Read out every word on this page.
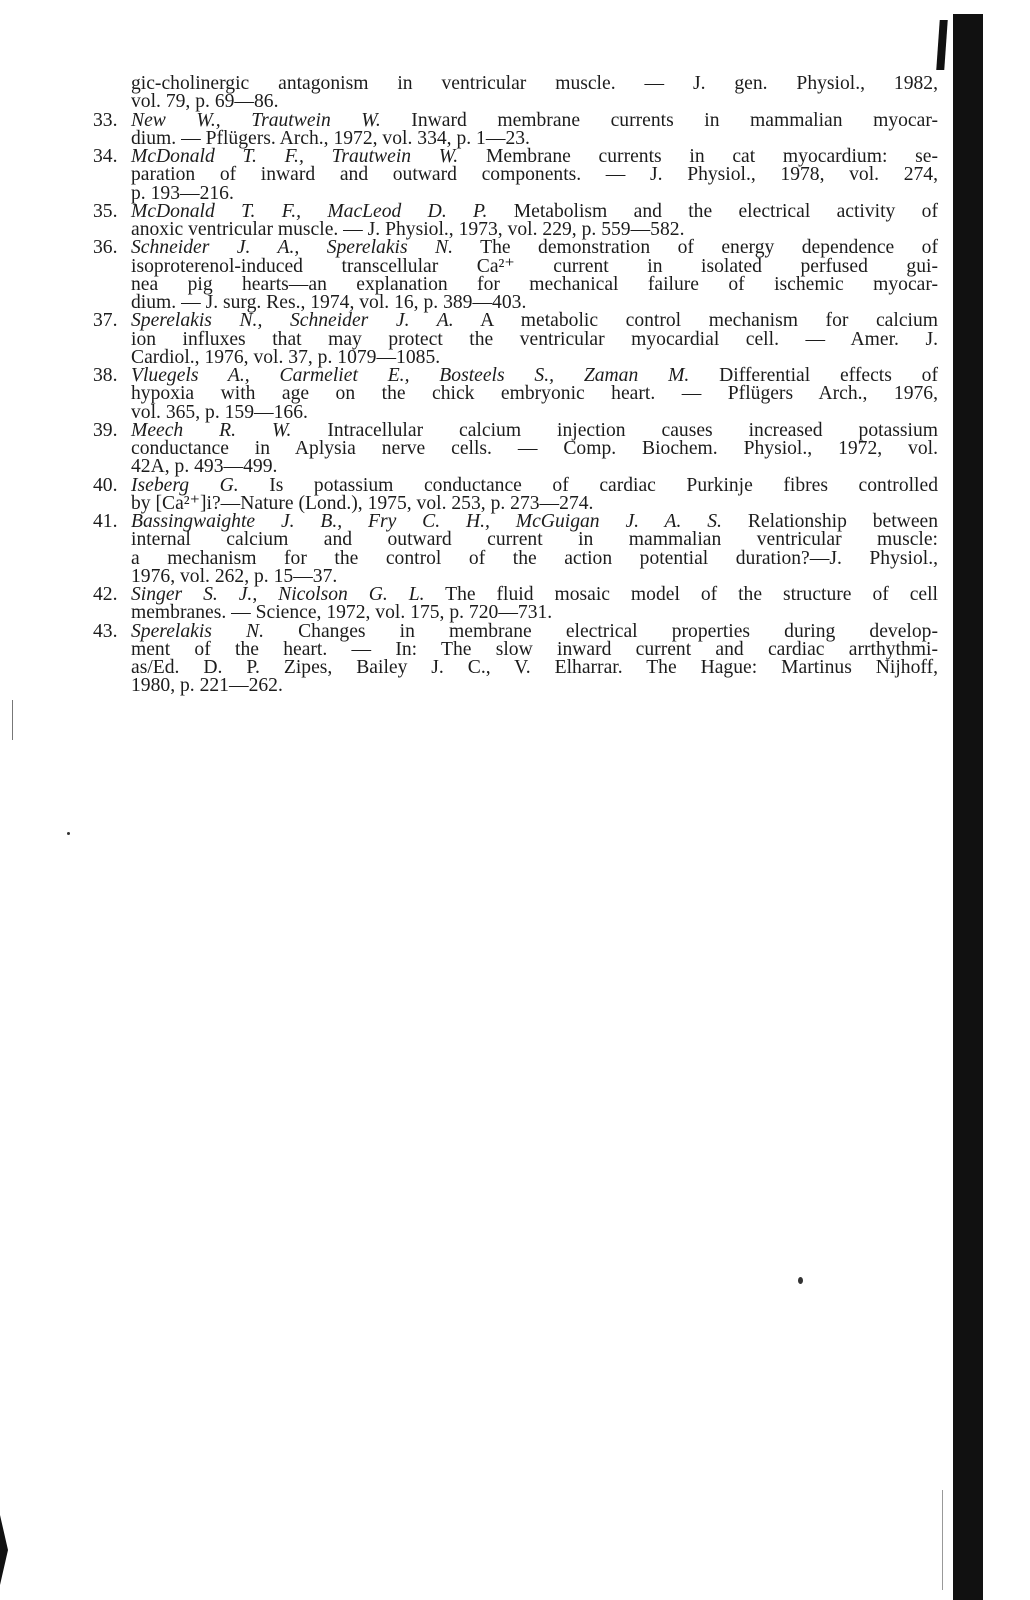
gic-cholinergic antagonism in ventricular muscle. — J. gen. Physiol., 1982,
vol. 79, p. 69—86.
33. New W., Trautwein W. Inward membrane currents in mammalian myocar-
dium. — Pflügers. Arch., 1972, vol. 334, p. 1—23.
34. McDonald T. F., Trautwein W. Membrane currents in cat myocardium: se-
paration of inward and outward components. — J. Physiol., 1978, vol. 274,
p. 193—216.
35. McDonald T. F., MacLeod D. P. Metabolism and the electrical activity of
anoxic ventricular muscle. — J. Physiol., 1973, vol. 229, p. 559—582.
36. Schneider J. A., Sperelakis N. The demonstration of energy dependence of
isoproterenol-induced transcellular Ca²⁺ current in isolated perfused gui-
nea pig hearts—an explanation for mechanical failure of ischemic myocar-
dium. — J. surg. Res., 1974, vol. 16, p. 389—403.
37. Sperelakis N., Schneider J. A. A metabolic control mechanism for calcium
ion influxes that may protect the ventricular myocardial cell. — Amer. J.
Cardiol., 1976, vol. 37, p. 1079—1085.
38. Vluegels A., Carmeliet E., Bosteels S., Zaman M. Differential effects of
hypoxia with age on the chick embryonic heart. — Pflügers Arch., 1976,
vol. 365, p. 159—166.
39. Meech R. W. Intracellular calcium injection causes increased potassium
conductance in Aplysia nerve cells. — Comp. Biochem. Physiol., 1972, vol.
42A, p. 493—499.
40. Iseberg G. Is potassium conductance of cardiac Purkinje fibres controlled
by [Ca²⁺]i?—Nature (Lond.), 1975, vol. 253, p. 273—274.
41. Bassingwaighte J. B., Fry C. H., McGuigan J. A. S. Relationship between
internal calcium and outward current in mammalian ventricular muscle:
a mechanism for the control of the action potential duration?—J. Physiol.,
1976, vol. 262, p. 15—37.
42. Singer S. J., Nicolson G. L. The fluid mosaic model of the structure of cell
membranes. — Science, 1972, vol. 175, p. 720—731.
43. Sperelakis N. Changes in membrane electrical properties during develop-
ment of the heart. — In: The slow inward current and cardiac arrthythmi-
as/Ed. D. P. Zipes, Bailey J. C., V. Elharrar. The Hague: Martinus Nijhoff,
1980, p. 221—262.
